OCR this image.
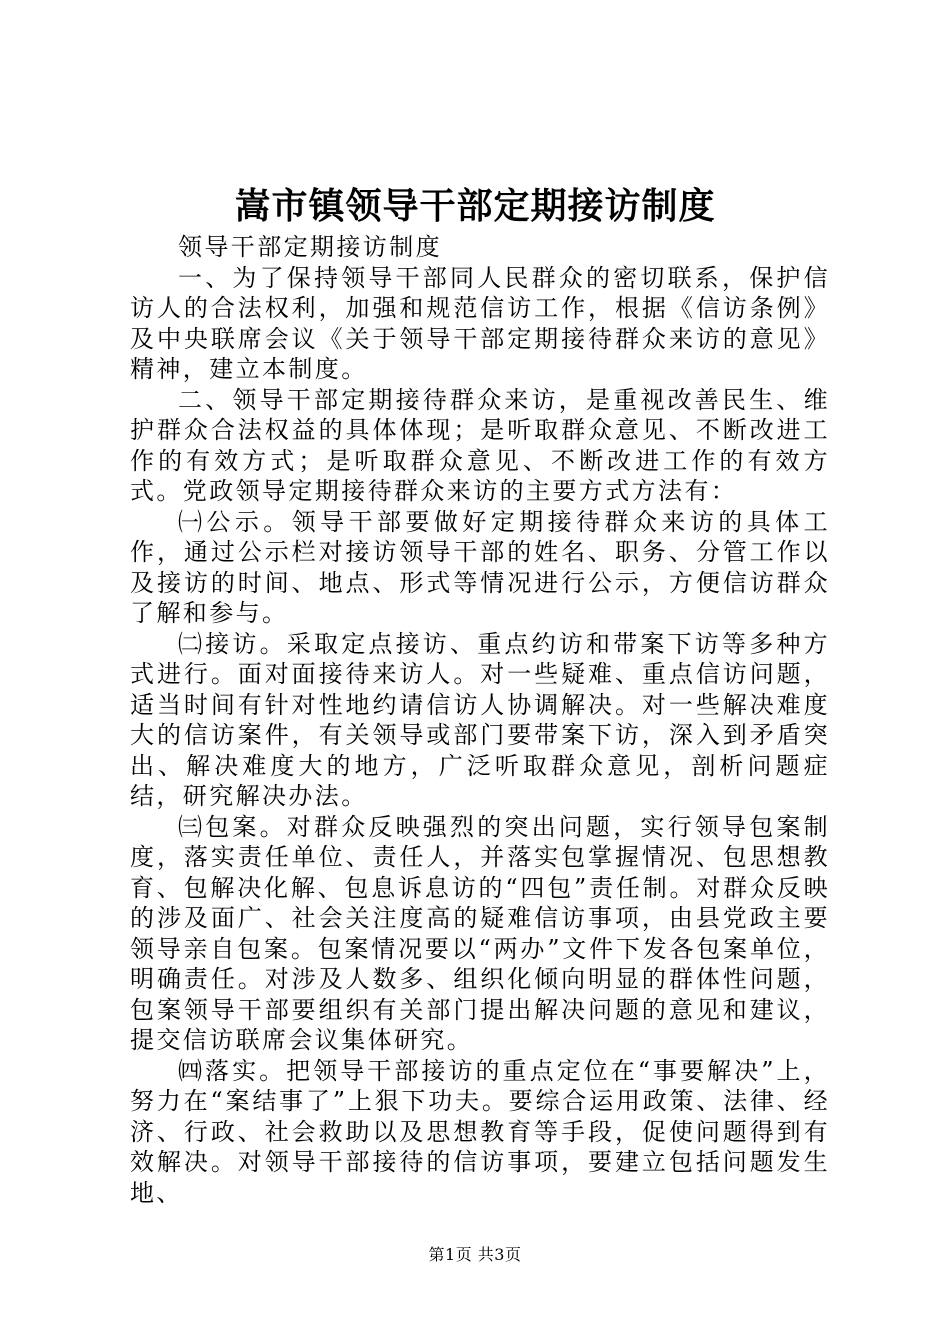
嵩市镇领导干部定期接访制度

领导干部定期接访制度

一、为了保持领导干部同人民群众的密切联系，保护信访人的合法权利，加强和规范信访工作，根据《信访条例》及中央联席会议《关于领导干部定期接待群众来访的意见》精神，建立本制度。

二、领导干部定期接待群众来访，是重视改善民生、维护群众合法权益的具体体现；是听取群众意见、不断改进工作的有效方式；是听取群众意见、不断改进工作的有效方式。党政领导定期接待群众来访的主要方式方法有：

㈠公示。领导干部要做好定期接待群众来访的具体工作，通过公示栏对接访领导干部的姓名、职务、分管工作以及接访的时间、地点、形式等情况进行公示，方便信访群众了解和参与。

㈡接访。采取定点接访、重点约访和带案下访等多种方式进行。面对面接待来访人。对一些疑难、重点信访问题，适当时间有针对性地约请信访人协调解决。对一些解决难度大的信访案件，有关领导或部门要带案下访，深入到矛盾突出、解决难度大的地方，广泛听取群众意见，剖析问题症结，研究解决办法。

㈢包案。对群众反映强烈的突出问题，实行领导包案制度，落实责任单位、责任人，并落实包掌握情况、包思想教育、包解决化解、包息诉息访的“四包”责任制。对群众反映的涉及面广、社会关注度高的疑难信访事项，由县党政主要领导亲自包案。包案情况要以“两办”文件下发各包案单位，明确责任。对涉及人数多、组织化倾向明显的群体性问题，包案领导干部要组织有关部门提出解决问题的意见和建议，提交信访联席会议集体研究。

㈣落实。把领导干部接访的重点定位在“事要解决”上，努力在“案结事了”上狠下功夫。要综合运用政策、法律、经济、行政、社会救助以及思想教育等手段，促使问题得到有效解决。对领导干部接待的信访事项，要建立包括问题发生地、

第1页 共3页
